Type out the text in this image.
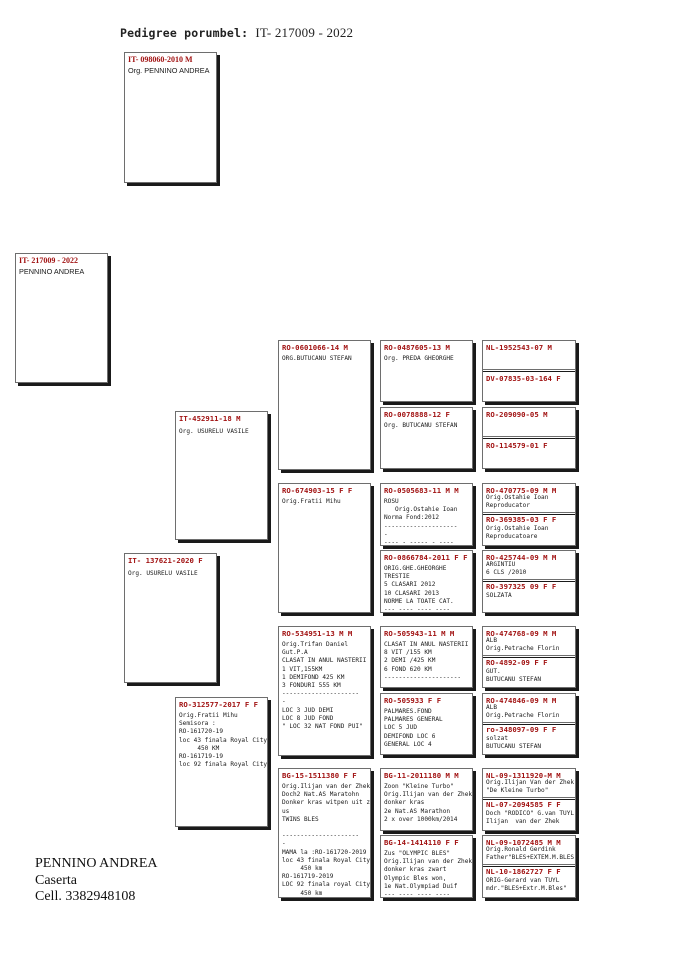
Pedigree porumbel: IT- 217009 - 2022
IT- 098060-2010 M
Org. PENNINO ANDREA
IT- 217009 - 2022
PENNINO ANDREA
IT-452911-18 M
Org. USURELU VASILE
IT- 137621-2020 F
Org. USURELU VASILE
RO-312577-2017 F F
Orig.Fratii Mihu
Semisora :
RO-161720-19
loc 43 finala Royal City
450 KM
RO-161719-19
loc 92 finala Royal City
RO-0601066-14 M
ORG.BUTUCANU STEFAN
RO-674903-15 F F
Orig.Fratii Mihu
RO-534951-13 M M
Orig.Trifan Daniel
Gut.P.A
CLASAT IN ANUL NASTERII
1 VIT,155KM
1 DEMIFOND 425 KM
3 FONDURI 555 KM
---------------------
-
LOC 3 JUD DEMI
LOC 8 JUD FOND
" LOC 32 NAT FOND PUI"
BG-15-1511380 F F
Orig.Ilijan van der Zhek
Doch2 Nat.AS Maratohn
Donker kras witpen uit z
us
TWINS BLES

---------------------
-
MAMA la :RO-161720-2019
loc 43 finala Royal City
450 km
RO-161719-2019
LOC 92 finala royal City
450 km
RO-0487605-13 M
Org. PREDA GHEORGHE
RO-0078888-12 F
Org. BUTUCANU STEFAN
RO-0505683-11 M M
ROSU
Orig.Ostahie Ioan
Norma Fond:2012
--------------------
-
---- - ----- - ----
RO-0866784-2011 F F
ORIG.GHE.GHEORGHE
TRESTIE
5 CLASARI 2012
10 CLASARI 2013
NORME LA TOATE CAT.
--- ---- ---- ----
RO-505943-11 M M
CLASAT IN ANUL NASTERII
8 VIT /155 KM
2 DEMI /425 KM
6 FOND 620 KM
---------------------
RO-505933 F F
PALMARES.FOND
PALMARES GENERAL
LOC 5 JUD
DEMIFOND LOC 6
GENERAL LOC 4
BG-11-2011180 M M
Zoon "Kleine Turbo"
Orig.Ilijan van der Zhek
donker kras
2e Nat.AS Marathon
2 x over 1000km/2014
BG-14-1414110 F F
Zus "OLYMPIC BLES"
Orig.Ilijan van der Zhek
donker kras zwart
Olympic Bles won,
1e Nat.Olympiad Duif
--- ---- ---- ----
NL-1952543-07 M
DV-07835-03-164 F
RO-209090-05 M
RO-114579-01 F
RO-470775-09 M M
Orig.Ostahie Ioan
Reproducator
RO-369385-03 F F
Orig.Ostahie Ioan
Reproducatoare
RO-425744-09 M M
ARGINTIU
6 CLS /2010
RO-397325 09 F F
SOLZATA
RO-474768-09 M M
ALB
Orig.Petrache Florin
RO-4892-09 F F
GUT.
BUTUCANU STEFAN
RO-474846-09 M M
ALB
Orig.Petrache Florin
ro-348097-09 F F
solzat
BUTUCANU STEFAN
NL-09-1311920-M M
Orig.Ilijan Van der Zhek
"De Kleine Turbo"
NL-07-2094585 F F
Doch "RODICO" G.van TUYL
Ilijan  van der Zhek
NL-09-1072485 M M
Orig.Ronald Gerdink
Father"BLES+EXTEM.M.BLES
NL-10-1862727 F F
ORIG-Gerard van TUYL
mdr."BLES+Extr.M.Bles"
PENNINO ANDREA
Caserta
Cell. 3382948108
